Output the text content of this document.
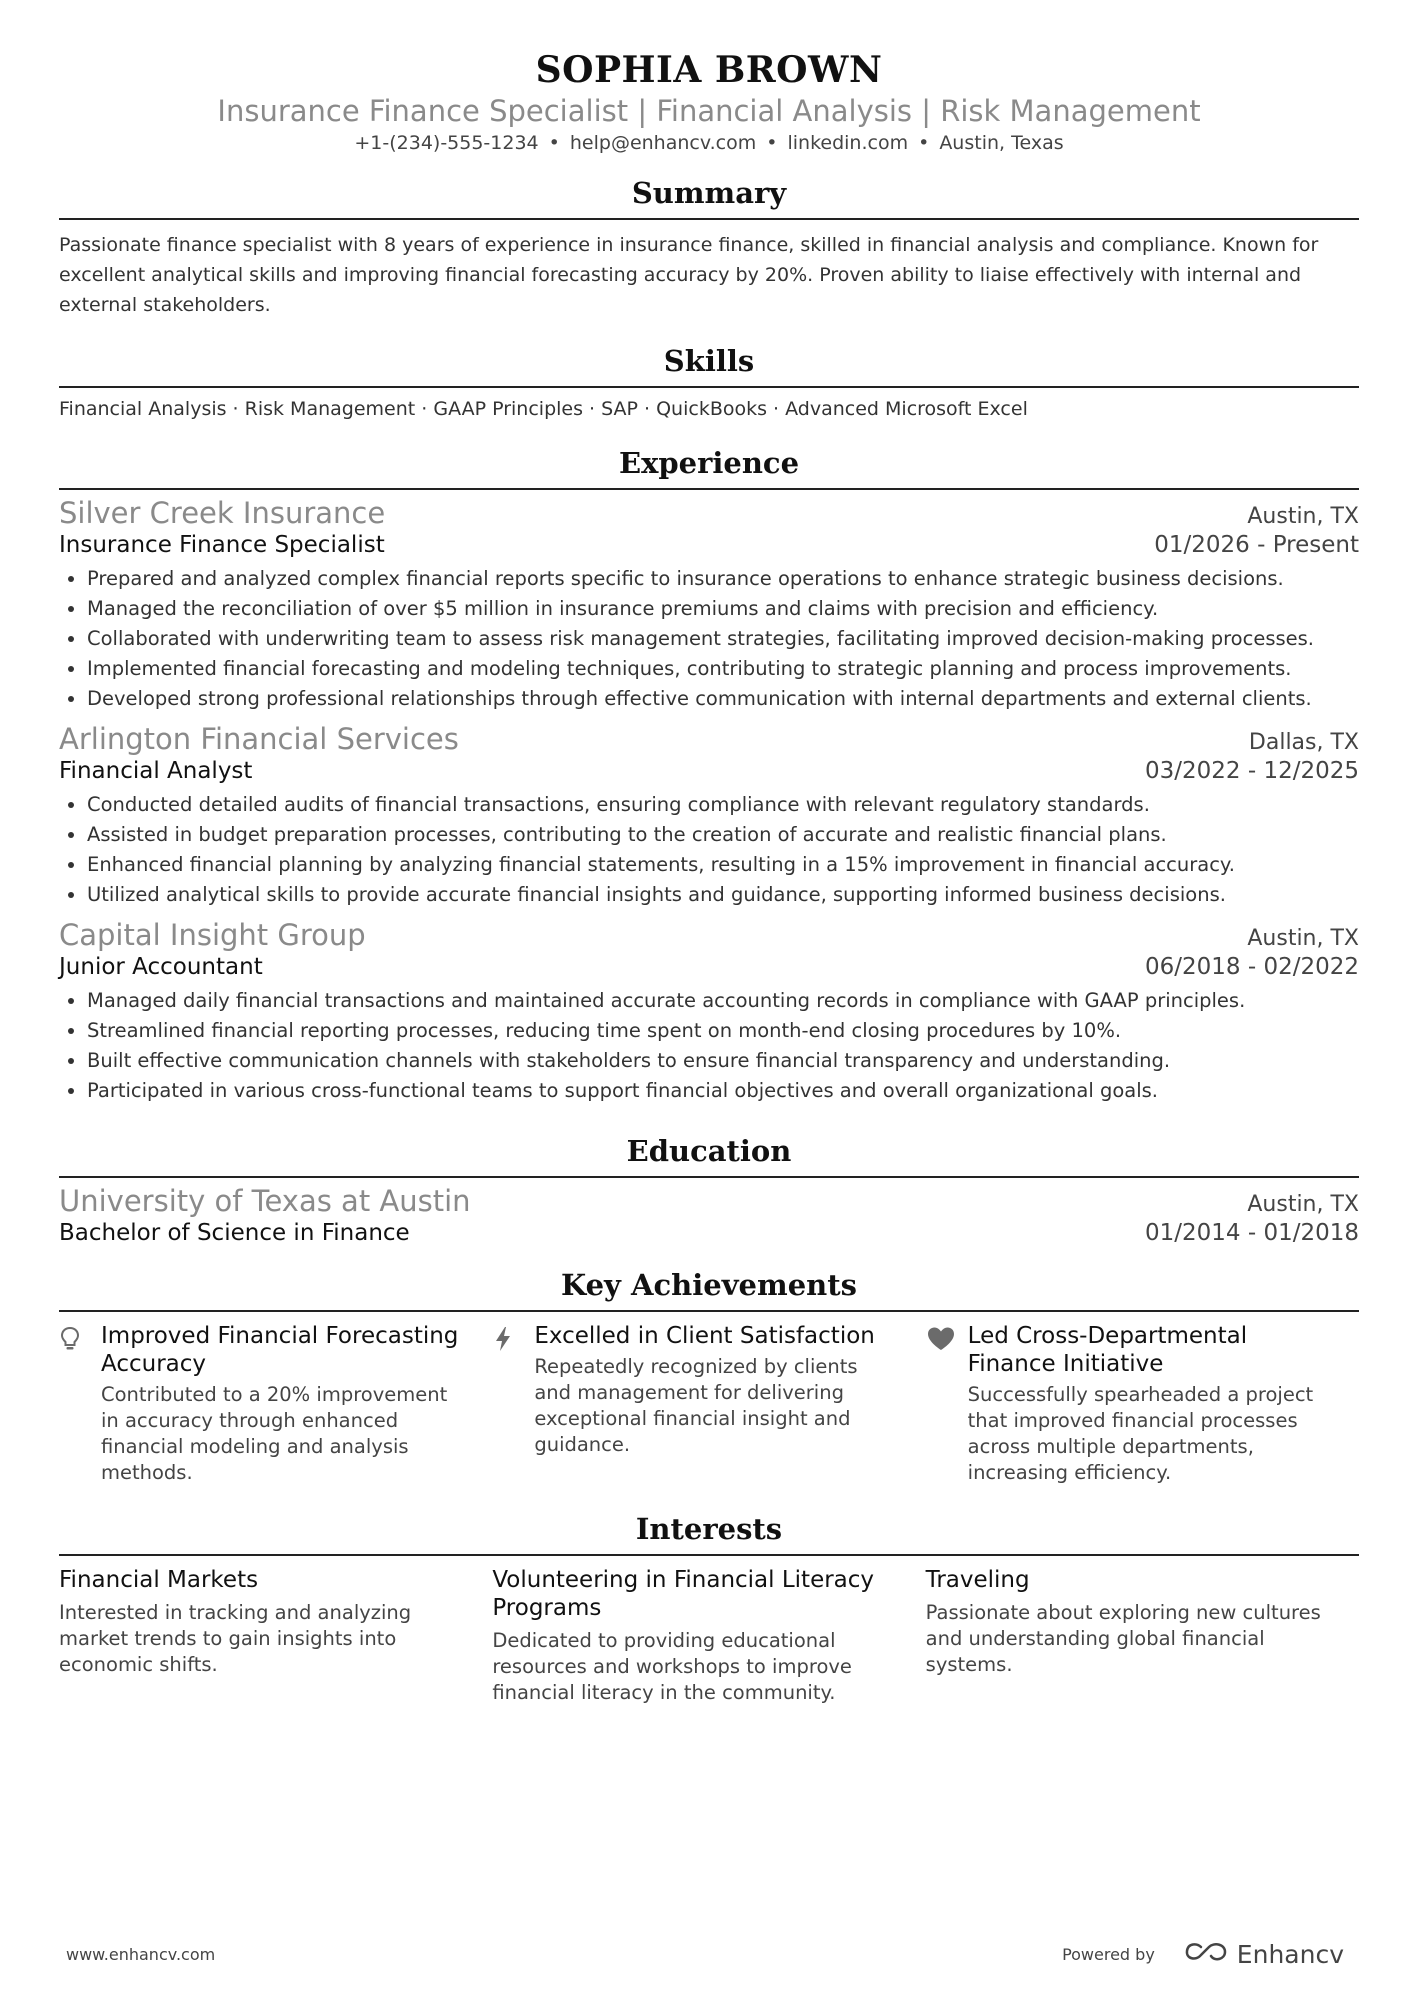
SOPHIA BROWN
Insurance Finance Specialist | Financial Analysis | Risk Management
+1-(234)-555-1234 • help@enhancv.com • linkedin.com • Austin, Texas
Summary
Passionate finance specialist with 8 years of experience in insurance finance, skilled in financial analysis and compliance. Known for excellent analytical skills and improving financial forecasting accuracy by 20%. Proven ability to liaise effectively with internal and external stakeholders.
Skills
Financial Analysis · Risk Management · GAAP Principles · SAP · QuickBooks · Advanced Microsoft Excel
Experience
Silver Creek Insurance	Austin, TX
Insurance Finance Specialist	01/2026 - Present
• Prepared and analyzed complex financial reports specific to insurance operations to enhance strategic business decisions.
• Managed the reconciliation of over $5 million in insurance premiums and claims with precision and efficiency.
• Collaborated with underwriting team to assess risk management strategies, facilitating improved decision-making processes.
• Implemented financial forecasting and modeling techniques, contributing to strategic planning and process improvements.
• Developed strong professional relationships through effective communication with internal departments and external clients.
Arlington Financial Services	Dallas, TX
Financial Analyst	03/2022 - 12/2025
• Conducted detailed audits of financial transactions, ensuring compliance with relevant regulatory standards.
• Assisted in budget preparation processes, contributing to the creation of accurate and realistic financial plans.
• Enhanced financial planning by analyzing financial statements, resulting in a 15% improvement in financial accuracy.
• Utilized analytical skills to provide accurate financial insights and guidance, supporting informed business decisions.
Capital Insight Group	Austin, TX
Junior Accountant	06/2018 - 02/2022
• Managed daily financial transactions and maintained accurate accounting records in compliance with GAAP principles.
• Streamlined financial reporting processes, reducing time spent on month-end closing procedures by 10%.
• Built effective communication channels with stakeholders to ensure financial transparency and understanding.
• Participated in various cross-functional teams to support financial objectives and overall organizational goals.
Education
University of Texas at Austin	Austin, TX
Bachelor of Science in Finance	01/2014 - 01/2018
Key Achievements
Improved Financial Forecasting Accuracy
Contributed to a 20% improvement in accuracy through enhanced financial modeling and analysis methods.
Excelled in Client Satisfaction
Repeatedly recognized by clients and management for delivering exceptional financial insight and guidance.
Led Cross-Departmental Finance Initiative
Successfully spearheaded a project that improved financial processes across multiple departments, increasing efficiency.
Interests
Financial Markets
Interested in tracking and analyzing market trends to gain insights into economic shifts.
Volunteering in Financial Literacy Programs
Dedicated to providing educational resources and workshops to improve financial literacy in the community.
Traveling
Passionate about exploring new cultures and understanding global financial systems.
www.enhancv.com	Powered by	Enhancv
